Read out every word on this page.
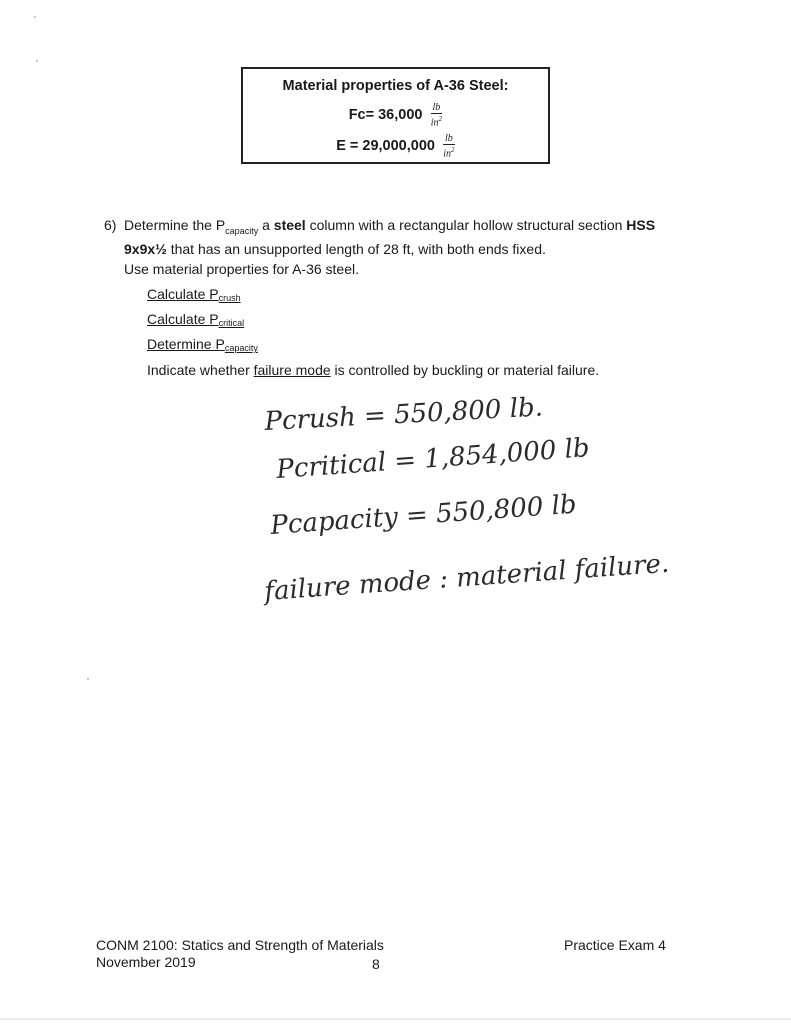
Material properties of A-36 Steel:
$Fc= 36,000 \frac{lb}{in^2}$
$E = 29,000,000 \frac{lb}{in^2}$
6) Determine the $P_{capacity}$ a steel column with a rectangular hollow structural section HSS 9x9x½ that has an unsupported length of 28 ft, with both ends fixed.
Use material properties for A-36 steel.
Calculate $P_{crush}$
Calculate $P_{critical}$
Determine $P_{capacity}$
Indicate whether failure mode is controlled by buckling or material failure.
Pcrush = 550,800 lb.
Pcritical = 1,854,000 lb
Pcapacity = 550,800 lb
failure mode : material failure.
CONM 2100: Statics and Strength of Materials
November 2019	8
Practice Exam 4
